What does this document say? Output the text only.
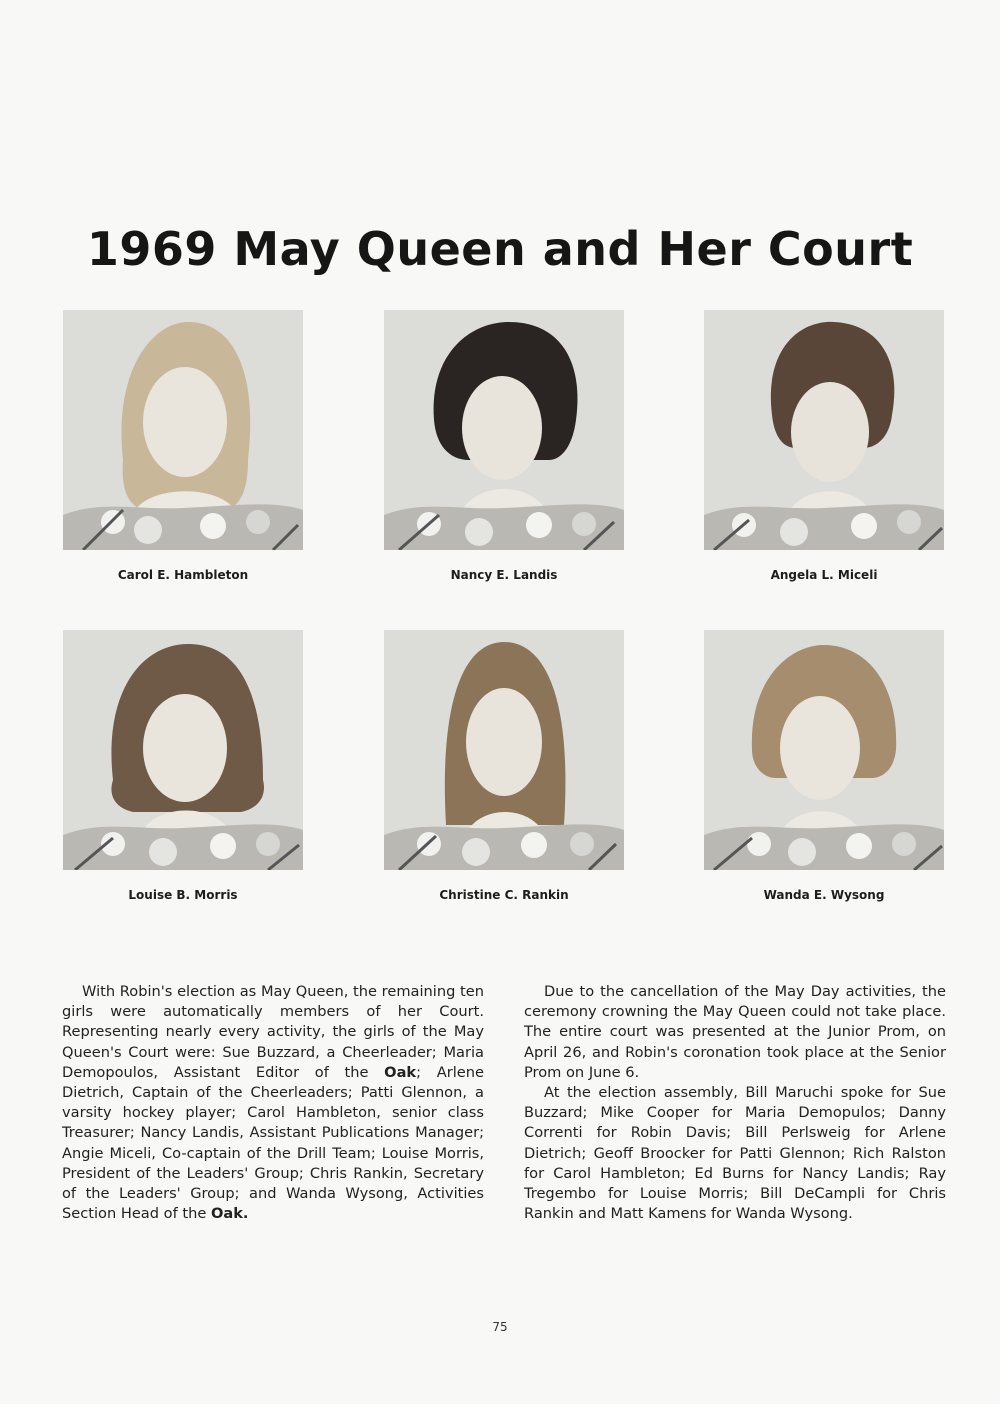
1969 May Queen and Her Court
Carol E. Hambleton	Nancy E. Landis	Angela L. Miceli
Louise B. Morris	Christine C. Rankin	Wanda E. Wysong

With Robin's election as May Queen, the remaining ten girls were automatically members of her Court. Representing nearly every activity, the girls of the May Queen's Court were: Sue Buzzard, a Cheerleader; Maria Demopoulos, Assistant Editor of the Oak; Arlene Dietrich, Captain of the Cheerleaders; Patti Glennon, a varsity hockey player; Carol Hambleton, senior class Treasurer; Nancy Landis, Assistant Publications Manager; Angie Miceli, Co-captain of the Drill Team; Louise Morris, President of the Leaders' Group; Chris Rankin, Secretary of the Leaders' Group; and Wanda Wysong, Activities Section Head of the Oak.

Due to the cancellation of the May Day activities, the ceremony crowning the May Queen could not take place. The entire court was presented at the Junior Prom, on April 26, and Robin's coronation took place at the Senior Prom on June 6.

At the election assembly, Bill Maruchi spoke for Sue Buzzard; Mike Cooper for Maria Demopulos; Danny Correnti for Robin Davis; Bill Perlsweig for Arlene Dietrich; Geoff Broocker for Patti Glennon; Rich Ralston for Carol Hambleton; Ed Burns for Nancy Landis; Ray Tregembo for Louise Morris; Bill DeCampli for Chris Rankin and Matt Kamens for Wanda Wysong.

75
